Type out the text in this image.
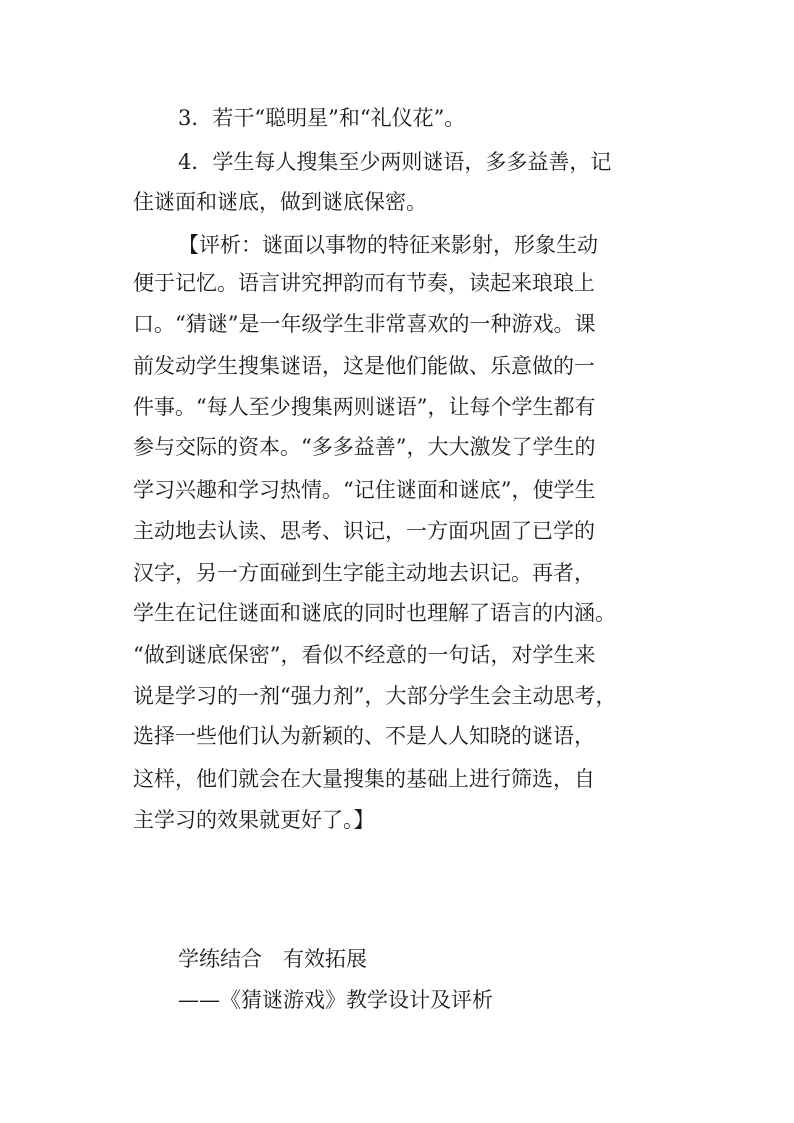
3．若干“聪明星”和“礼仪花”。
4．学生每人搜集至少两则谜语，多多益善，记
住谜面和谜底，做到谜底保密。
【评析：谜面以事物的特征来影射，形象生动
便于记忆。语言讲究押韵而有节奏，读起来琅琅上
口。“猜谜”是一年级学生非常喜欢的一种游戏。课
前发动学生搜集谜语，这是他们能做、乐意做的一
件事。“每人至少搜集两则谜语”，让每个学生都有
参与交际的资本。“多多益善”，大大激发了学生的
学习兴趣和学习热情。“记住谜面和谜底”，使学生
主动地去认读、思考、识记，一方面巩固了已学的
汉字，另一方面碰到生字能主动地去识记。再者，
学生在记住谜面和谜底的同时也理解了语言的内涵。
“做到谜底保密”，看似不经意的一句话，对学生来
说是学习的一剂“强力剂”，大部分学生会主动思考，
选择一些他们认为新颖的、不是人人知晓的谜语，
这样，他们就会在大量搜集的基础上进行筛选，自
主学习的效果就更好了。】
学练结合　有效拓展
——《猜谜游戏》教学设计及评析
